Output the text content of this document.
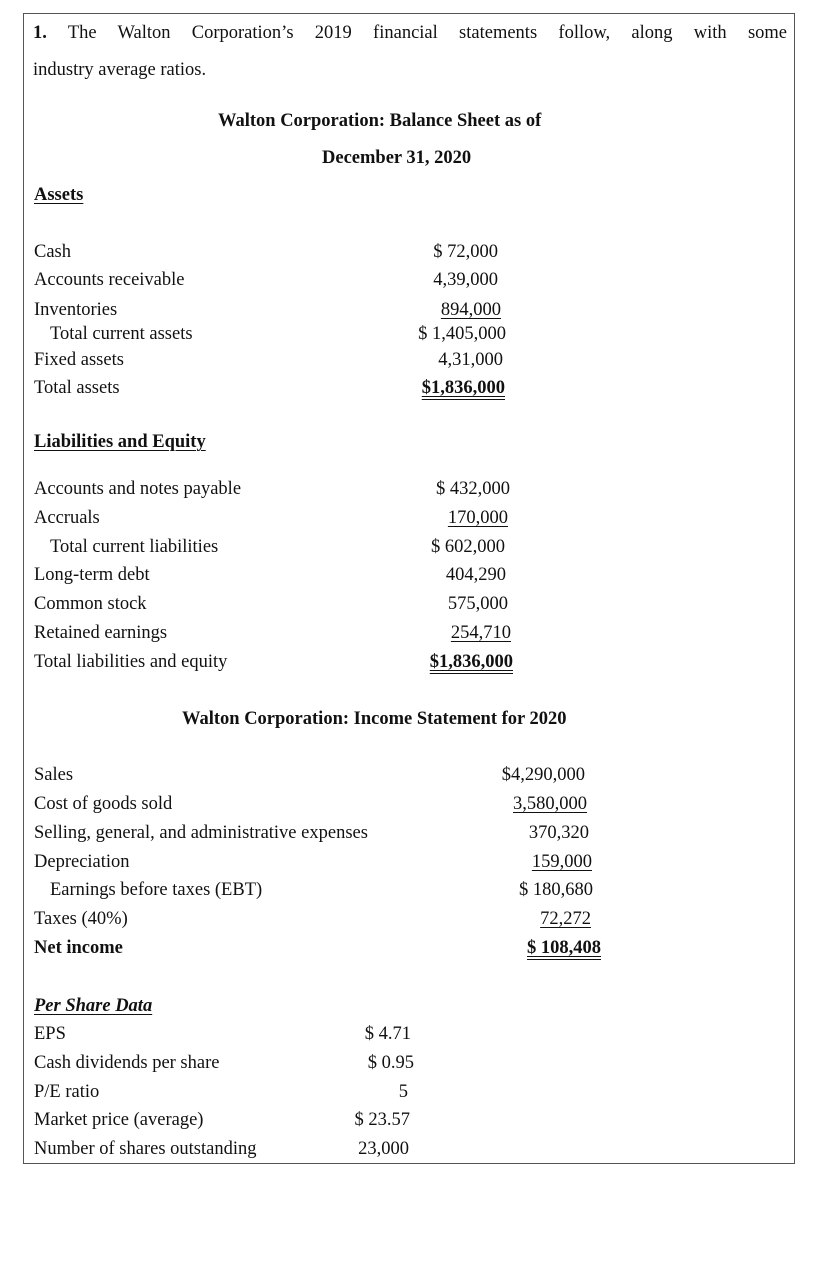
1. The Walton Corporation’s 2019 financial statements follow, along with some
industry average ratios.
Walton Corporation: Balance Sheet as of
December 31, 2020
Assets
Cash	$ 72,000
Accounts receivable	4,39,000
Inventories	894,000
Total current assets	$ 1,405,000
Fixed assets	4,31,000
Total assets	$1,836,000
Liabilities and Equity
Accounts and notes payable	$ 432,000
Accruals	170,000
Total current liabilities	$ 602,000
Long-term debt	404,290
Common stock	575,000
Retained earnings	254,710
Total liabilities and equity	$1,836,000
Walton Corporation: Income Statement for 2020
Sales	$4,290,000
Cost of goods sold	3,580,000
Selling, general, and administrative expenses	370,320
Depreciation	159,000
Earnings before taxes (EBT)	$ 180,680
Taxes (40%)	72,272
Net income	$ 108,408
Per Share Data
EPS	$ 4.71
Cash dividends per share	$ 0.95
P/E ratio	5
Market price (average)	$ 23.57
Number of shares outstanding	23,000
